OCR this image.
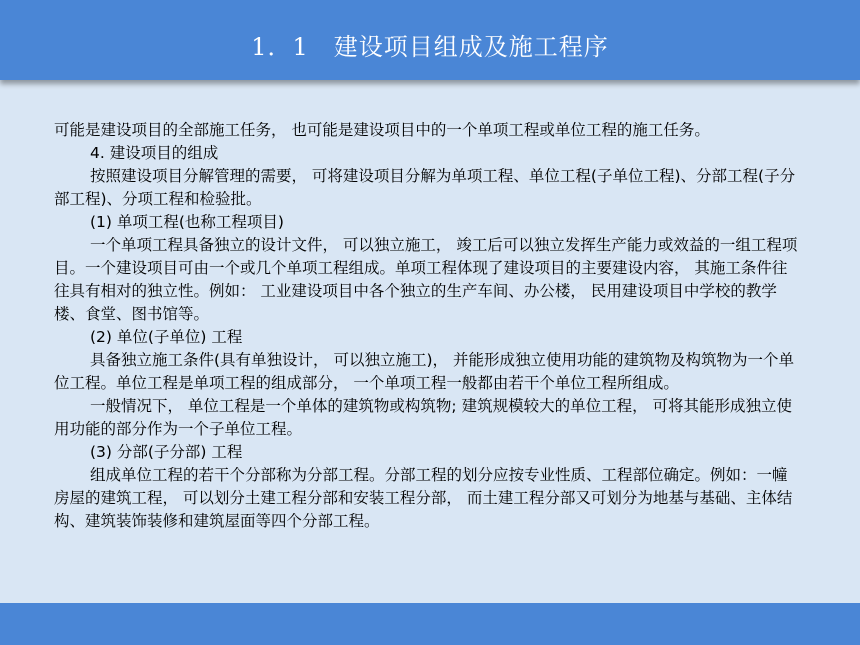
1．1　建设项目组成及施工程序

可能是建设项目的全部施工任务， 也可能是建设项目中的一个单项工程或单位工程的施工任务。

4. 建设项目的组成

按照建设项目分解管理的需要， 可将建设项目分解为单项工程、单位工程(子单位工程)、分部工程(子分部工程)、分项工程和检验批。

(1) 单项工程(也称工程项目)

一个单项工程具备独立的设计文件， 可以独立施工， 竣工后可以独立发挥生产能力或效益的一组工程项目。一个建设项目可由一个或几个单项工程组成。单项工程体现了建设项目的主要建设内容， 其施工条件往往具有相对的独立性。例如： 工业建设项目中各个独立的生产车间、办公楼， 民用建设项目中学校的教学楼、食堂、图书馆等。

(2) 单位(子单位) 工程

具备独立施工条件(具有单独设计， 可以独立施工)， 并能形成独立使用功能的建筑物及构筑物为一个单位工程。单位工程是单项工程的组成部分， 一个单项工程一般都由若干个单位工程所组成。

一般情况下， 单位工程是一个单体的建筑物或构筑物; 建筑规模较大的单位工程， 可将其能形成独立使用功能的部分作为一个子单位工程。

(3) 分部(子分部) 工程

组成单位工程的若干个分部称为分部工程。分部工程的划分应按专业性质、工程部位确定。例如：一幢房屋的建筑工程， 可以划分土建工程分部和安装工程分部， 而土建工程分部又可划分为地基与基础、主体结构、建筑装饰装修和建筑屋面等四个分部工程。
